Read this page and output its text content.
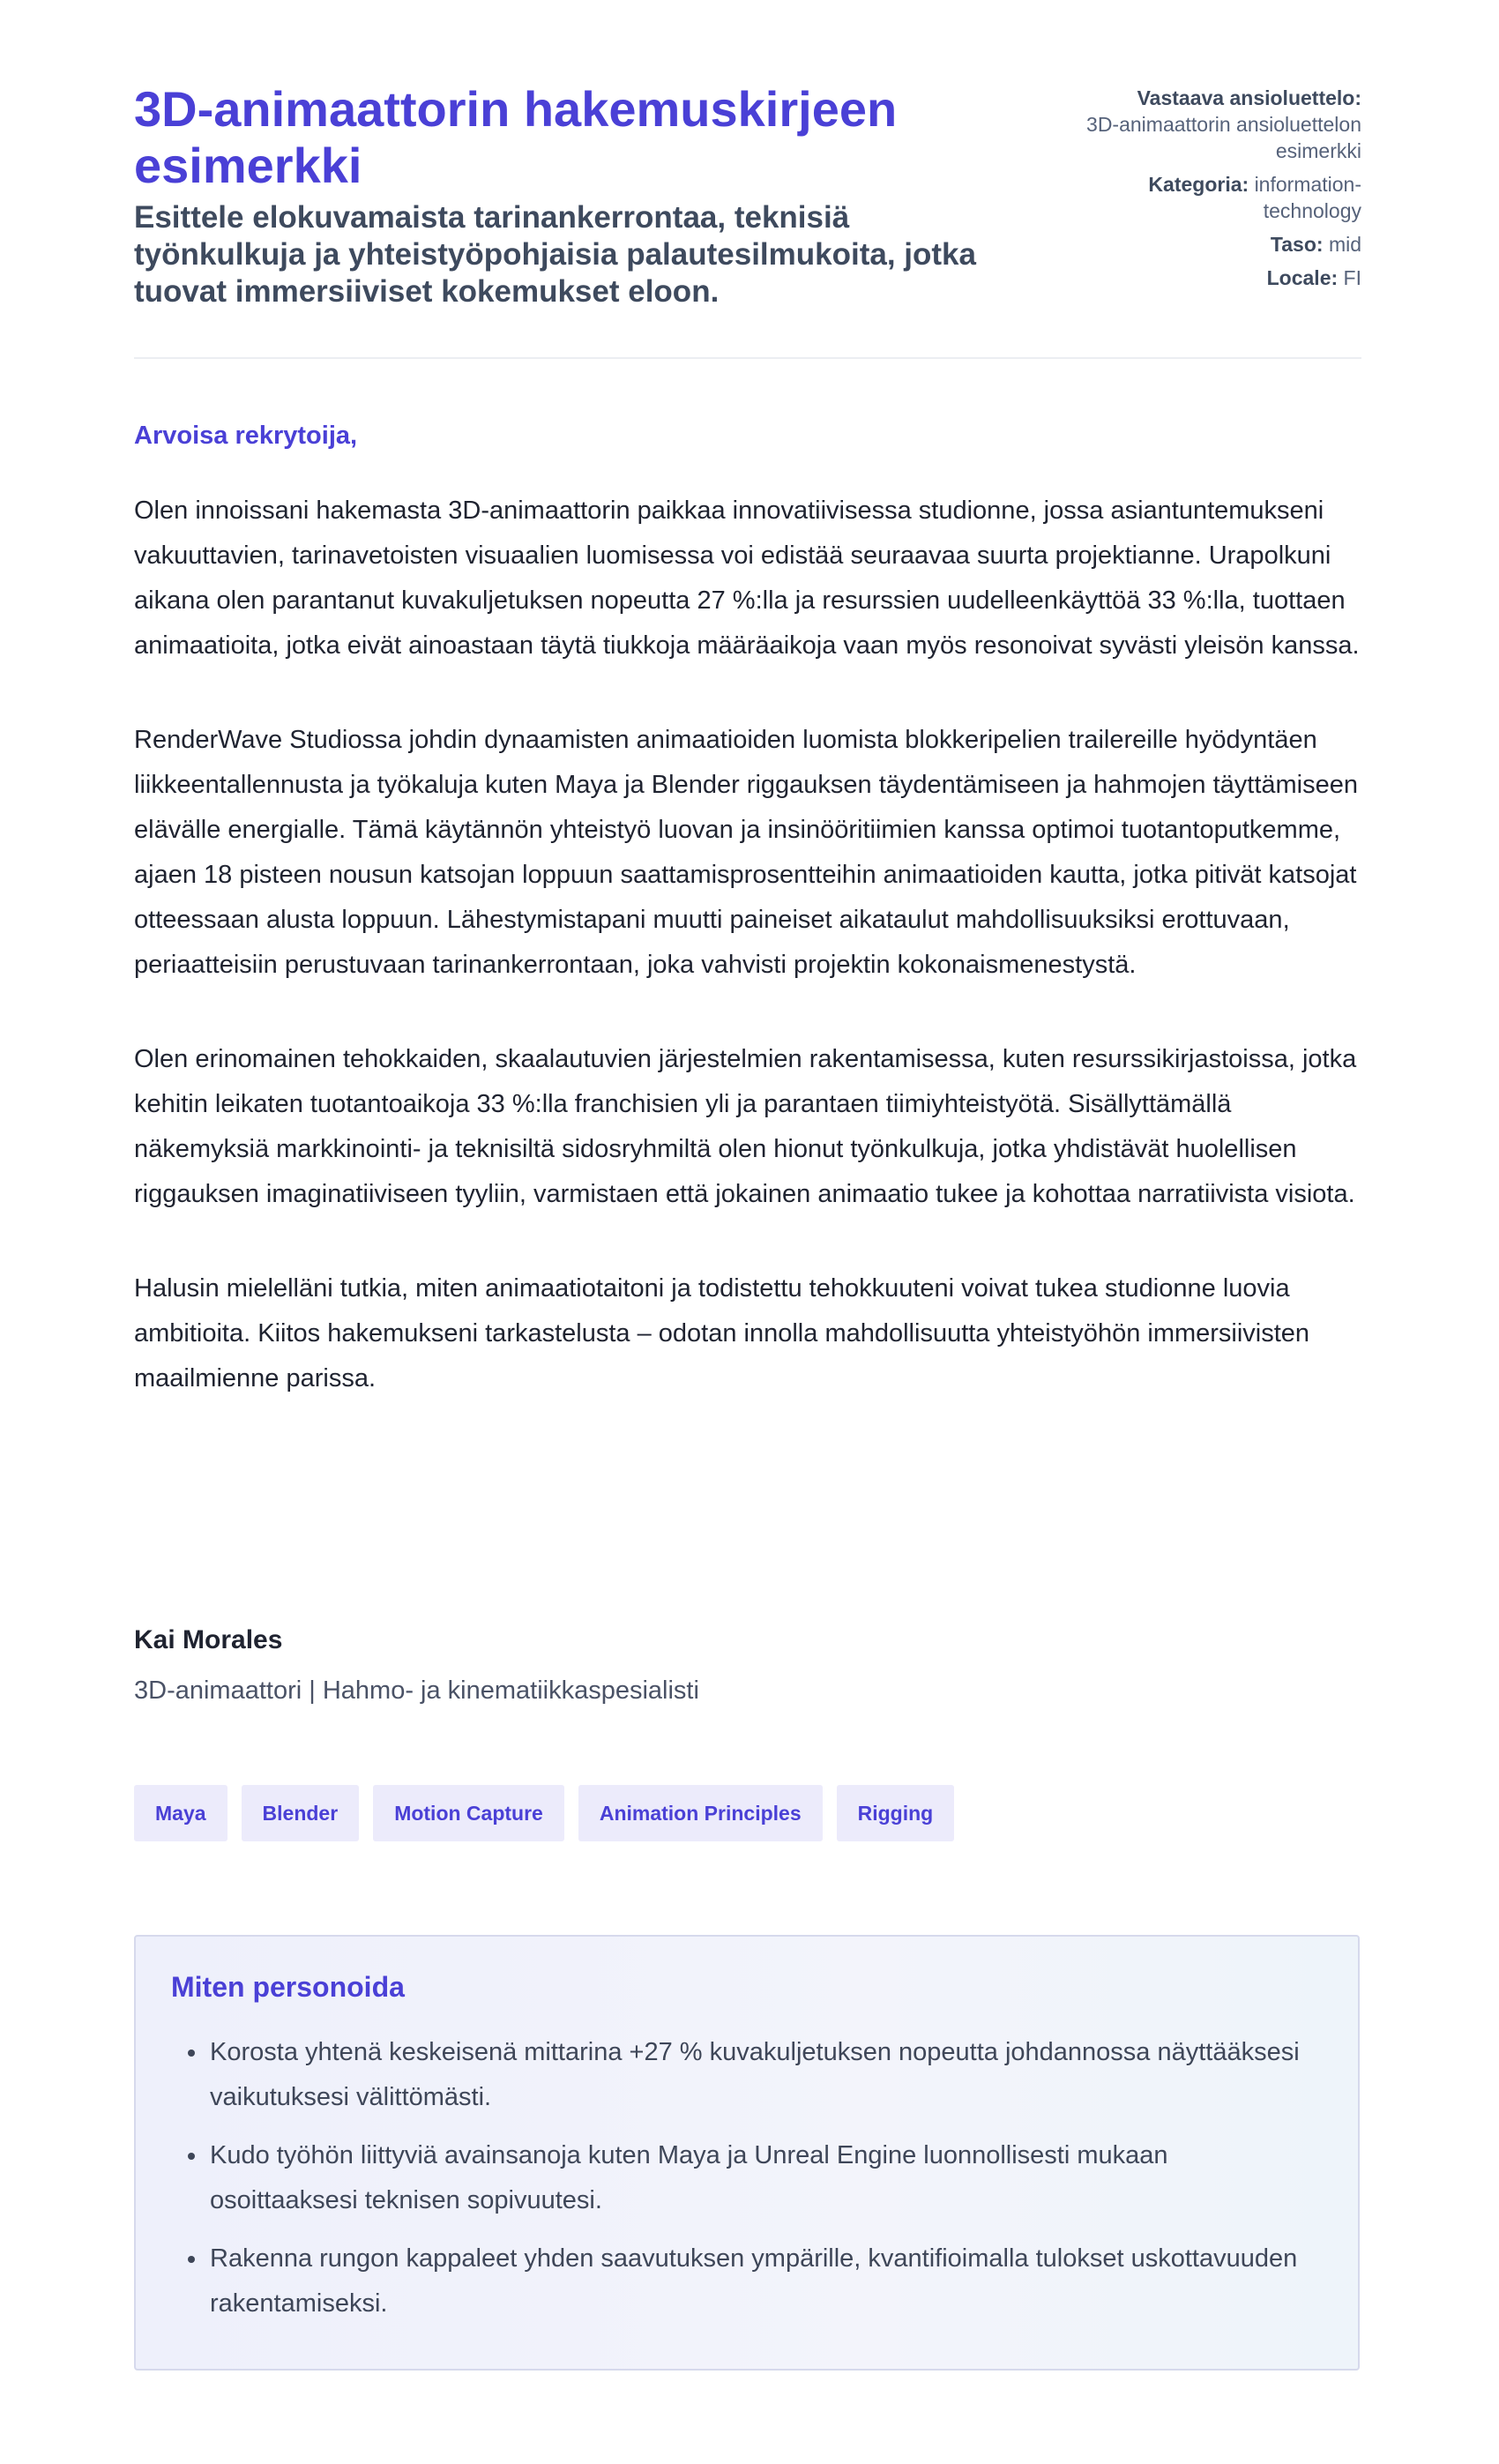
3D-animaattorin hakemuskirjeen esimerkki

Esittele elokuvamaista tarinankerrontaa, teknisiä työnkulkuja ja yhteistyöpohjaisia palautesilmukoita, jotka tuovat immersiiviset kokemukset eloon.

Vastaava ansioluettelo:
3D-animaattorin ansioluettelon esimerkki
Kategoria: information-technology
Taso: mid
Locale: FI
Arvoisa rekrytoija,

Olen innoissani hakemasta 3D-animaattorin paikkaa innovatiivisessa studionne, jossa asiantuntemukseni vakuuttavien, tarinavetoisten visuaalien luomisessa voi edistää seuraavaa suurta projektianne. Urapolkuni aikana olen parantanut kuvakuljetuksen nopeutta 27 %:lla ja resurssien uudelleenkäyttöä 33 %:lla, tuottaen animaatioita, jotka eivät ainoastaan täytä tiukkoja määräaikoja vaan myös resonoivat syvästi yleisön kanssa.

RenderWave Studiossa johdin dynaamisten animaatioiden luomista blokkeripelien trailereille hyödyntäen liikkeentallennusta ja työkaluja kuten Maya ja Blender riggauksen täydentämiseen ja hahmojen täyttämiseen elävälle energialle. Tämä käytännön yhteistyö luovan ja insinööritiimien kanssa optimoi tuotantoputkemme, ajaen 18 pisteen nousun katsojan loppuun saattamisprosentteihin animaatioiden kautta, jotka pitivät katsojat otteessaan alusta loppuun. Lähestymistapani muutti paineiset aikataulut mahdollisuuksiksi erottuvaan, periaatteisiin perustuvaan tarinankerrontaan, joka vahvisti projektin kokonaismenestystä.

Olen erinomainen tehokkaiden, skaalautuvien järjestelmien rakentamisessa, kuten resurssikirjastoissa, jotka kehitin leikaten tuotantoaikoja 33 %:lla franchisien yli ja parantaen tiimiyhteistyötä. Sisällyttämällä näkemyksiä markkinointi- ja teknisiltä sidosryhmiltä olen hionut työnkulkuja, jotka yhdistävät huolellisen riggauksen imaginatiiviseen tyyliin, varmistaen että jokainen animaatio tukee ja kohottaa narratiivista visiota.

Halusin mielelläni tutkia, miten animaatiotaitoni ja todistettu tehokkuuteni voivat tukea studionne luovia ambitioita. Kiitos hakemukseni tarkastelusta – odotan innolla mahdollisuutta yhteistyöhön immersiivisten maailmienne parissa.

Kai Morales
3D-animaattori | Hahmo- ja kinematiikkaspesialisti
Maya	Blender	Motion Capture	Animation Principles	Rigging
Miten personoida
• Korosta yhtenä keskeisenä mittarina +27 % kuvakuljetuksen nopeutta johdannossa näyttääksesi vaikutuksesi välittömästi.
• Kudo työhön liittyviä avainsanoja kuten Maya ja Unreal Engine luonnollisesti mukaan osoittaaksesi teknisen sopivuutesi.
• Rakenna rungon kappaleet yhden saavutuksen ympärille, kvantifioimalla tulokset uskottavuuden rakentamiseksi.
